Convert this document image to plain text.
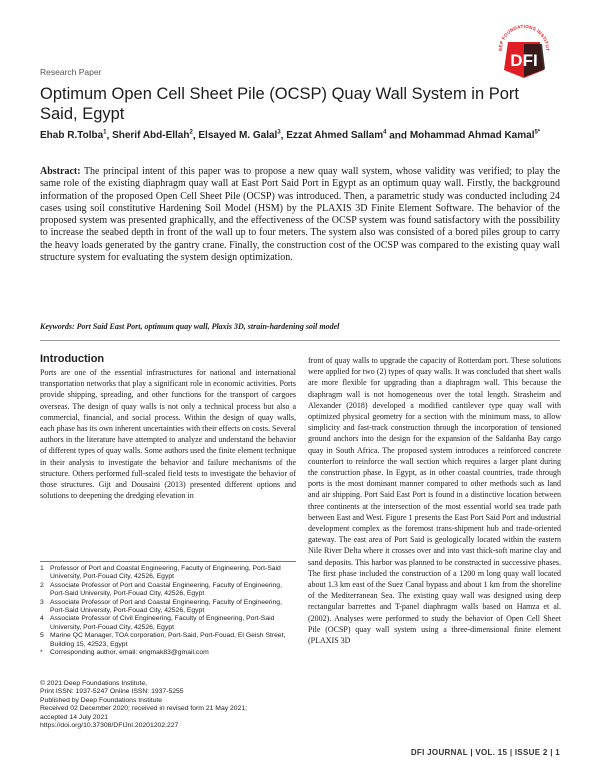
EEP FOUNDATIONS INSTITUT
DFI
Research Paper
Optimum Open Cell Sheet Pile (OCSP) Quay Wall System in Port Said, Egypt
Ehab R.Tolba$^1$, Sherif Abd-Ellah$^2$, Elsayed M. Galal$^3$, Ezzat Ahmed Sallam$^4$ and Mohammad Ahmad Kamal$^{5*}$
Abstract: The principal intent of this paper was to propose a new quay wall system, whose validity was verified; to play the same role of the existing diaphragm quay wall at East Port Said Port in Egypt as an optimum quay wall. Firstly, the background information of the proposed Open Cell Sheet Pile (OCSP) was introduced. Then, a parametric study was conducted including 24 cases using soil constitutive Hardening Soil Model (HSM) by the PLAXIS 3D Finite Element Software. The behavior of the proposed system was presented graphically, and the effectiveness of the OCSP system was found satisfactory with the possibility to increase the seabed depth in front of the wall up to four meters. The system also was consisted of a bored piles group to carry the heavy loads generated by the gantry crane. Finally, the construction cost of the OCSP was compared to the existing quay wall structure system for evaluating the system design optimization.
Keywords: Port Said East Port, optimum quay wall, Plaxis 3D, strain-hardening soil model
Introduction
Ports are one of the essential infrastructures for national and international transportation networks that play a significant role in economic activities. Ports provide shipping, spreading, and other functions for the transport of cargoes overseas. The design of quay walls is not only a technical process but also a commercial, financial, and social process. Within the design of quay walls, each phase has its own inherent uncertainties with their effects on costs. Several authors in the literature have attempted to analyze and understand the behavior of different types of quay walls. Some authors used the finite element technique in their analysis to investigate the behavior and failure mechanisms of the structure. Others performed full-scaled field tests to investigate the behavior of those structures. Gijt and Dousaini (2013) presented different options and solutions to deepening the dredging elevation in
front of quay walls to upgrade the capacity of Rotterdam port. These solutions were applied for two (2) types of quay walls. It was concluded that sheet walls are more flexible for upgrading than a diaphragm wall. This because the diaphragm wall is not homogeneous over the total length. Strasheim and Alexander (2018) developed a modified cantilever type quay wall with optimized physical geometry for a section with the minimum mass, to allow simplicity and fast-track construction through the incorporation of tensioned ground anchors into the design for the expansion of the Saldanha Bay cargo quay in South Africa. The proposed system introduces a reinforced concrete counterfort to reinforce the wall section which requires a larger plant during the construction phase. In Egypt, as in other coastal countries, trade through ports is the most dominant manner compared to other methods such as land and air shipping. Port Said East Port is found in a distinctive location between three continents at the intersection of the most essential world sea trade path between East and West. Figure 1 presents the East Port Said Port and industrial development complex as the foremost trans-shipment hub and trade-oriented gateway. The east area of Port Said is geologically located within the eastern Nile River Delta where it crosses over and into vast thick-soft marine clay and sand deposits. This harbor was planned to be constructed in successive phases. The first phase included the construction of a 1200 m long quay wall located about 1.3 km east of the Suez Canal bypass and about 1 km from the shoreline of the Mediterranean Sea. The existing quay wall was designed using deep rectangular barrettes and T-panel diaphragm walls based on Hamza et al. (2002). Analyses were performed to study the behavior of Open Cell Sheet Pile (OCSP) quay wall system using a three-dimensional finite element (PLAXIS 3D
1 Professor of Port and Coastal Engineering, Faculty of Engineering, Port-Said University, Port-Fouad City, 42526, Egypt
2 Associate Professor of Port and Coastal Engineering, Faculty of Engineering, Port-Said University, Port-Fouad City, 42526, Egypt
3 Associate Professor of Port and Coastal Engineering, Faculty of Engineering, Port-Said University, Port-Fouad City, 42526, Egypt
4 Associate Professor of Civil Engineering, Faculty of Engineering, Port-Said University, Port-Fouad City, 42526, Egypt
5 Marine QC Manager, TOA corporation, Port-Said, Port-Fouad, El Geish Street, Building 15, 42523, Egypt
*	Corresponding author, email: engmak83@gmail.com
© 2021 Deep Foundations Institute,
Print ISSN: 1937-5247 Online ISSN: 1937-5255
Published by Deep Foundations Institute
Received 02 December 2020; received in revised form 21 May 2021;
accepted 14 July 2021
https://doi.org/10.37308/DFIJnl.20201202.227
DFI JOURNAL | VOL. 15 | ISSUE 2 | 1
